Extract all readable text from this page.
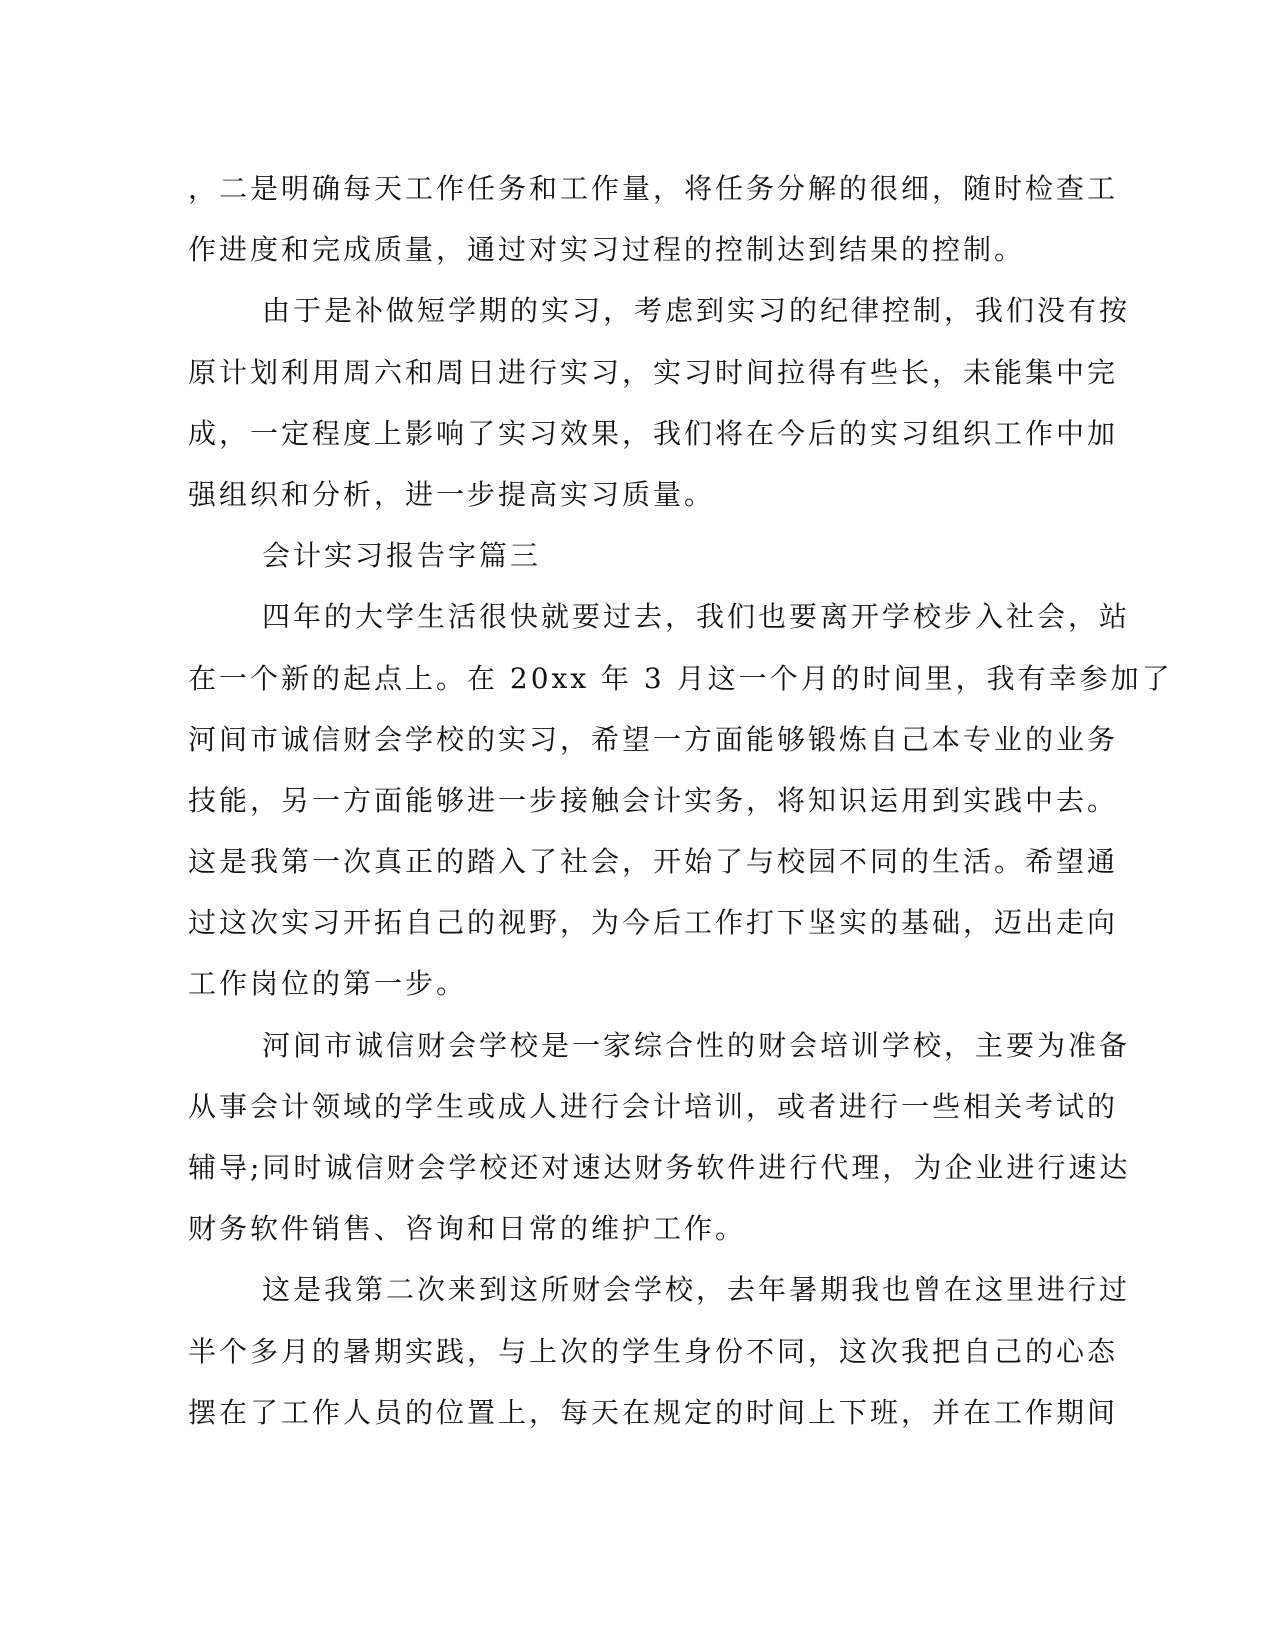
，二是明确每天工作任务和工作量，将任务分解的很细，随时检查工
作进度和完成质量，通过对实习过程的控制达到结果的控制。
由于是补做短学期的实习，考虑到实习的纪律控制，我们没有按
原计划利用周六和周日进行实习，实习时间拉得有些长，未能集中完
成，一定程度上影响了实习效果，我们将在今后的实习组织工作中加
强组织和分析，进一步提高实习质量。
会计实习报告字篇三
四年的大学生活很快就要过去，我们也要离开学校步入社会，站
在一个新的起点上。在 20xx 年 3 月这一个月的时间里，我有幸参加了
河间市诚信财会学校的实习，希望一方面能够锻炼自己本专业的业务
技能，另一方面能够进一步接触会计实务，将知识运用到实践中去。
这是我第一次真正的踏入了社会，开始了与校园不同的生活。希望通
过这次实习开拓自己的视野，为今后工作打下坚实的基础，迈出走向
工作岗位的第一步。
河间市诚信财会学校是一家综合性的财会培训学校，主要为准备
从事会计领域的学生或成人进行会计培训，或者进行一些相关考试的
辅导;同时诚信财会学校还对速达财务软件进行代理，为企业进行速达
财务软件销售、咨询和日常的维护工作。
这是我第二次来到这所财会学校，去年暑期我也曾在这里进行过
半个多月的暑期实践，与上次的学生身份不同，这次我把自己的心态
摆在了工作人员的位置上，每天在规定的时间上下班，并在工作期间
